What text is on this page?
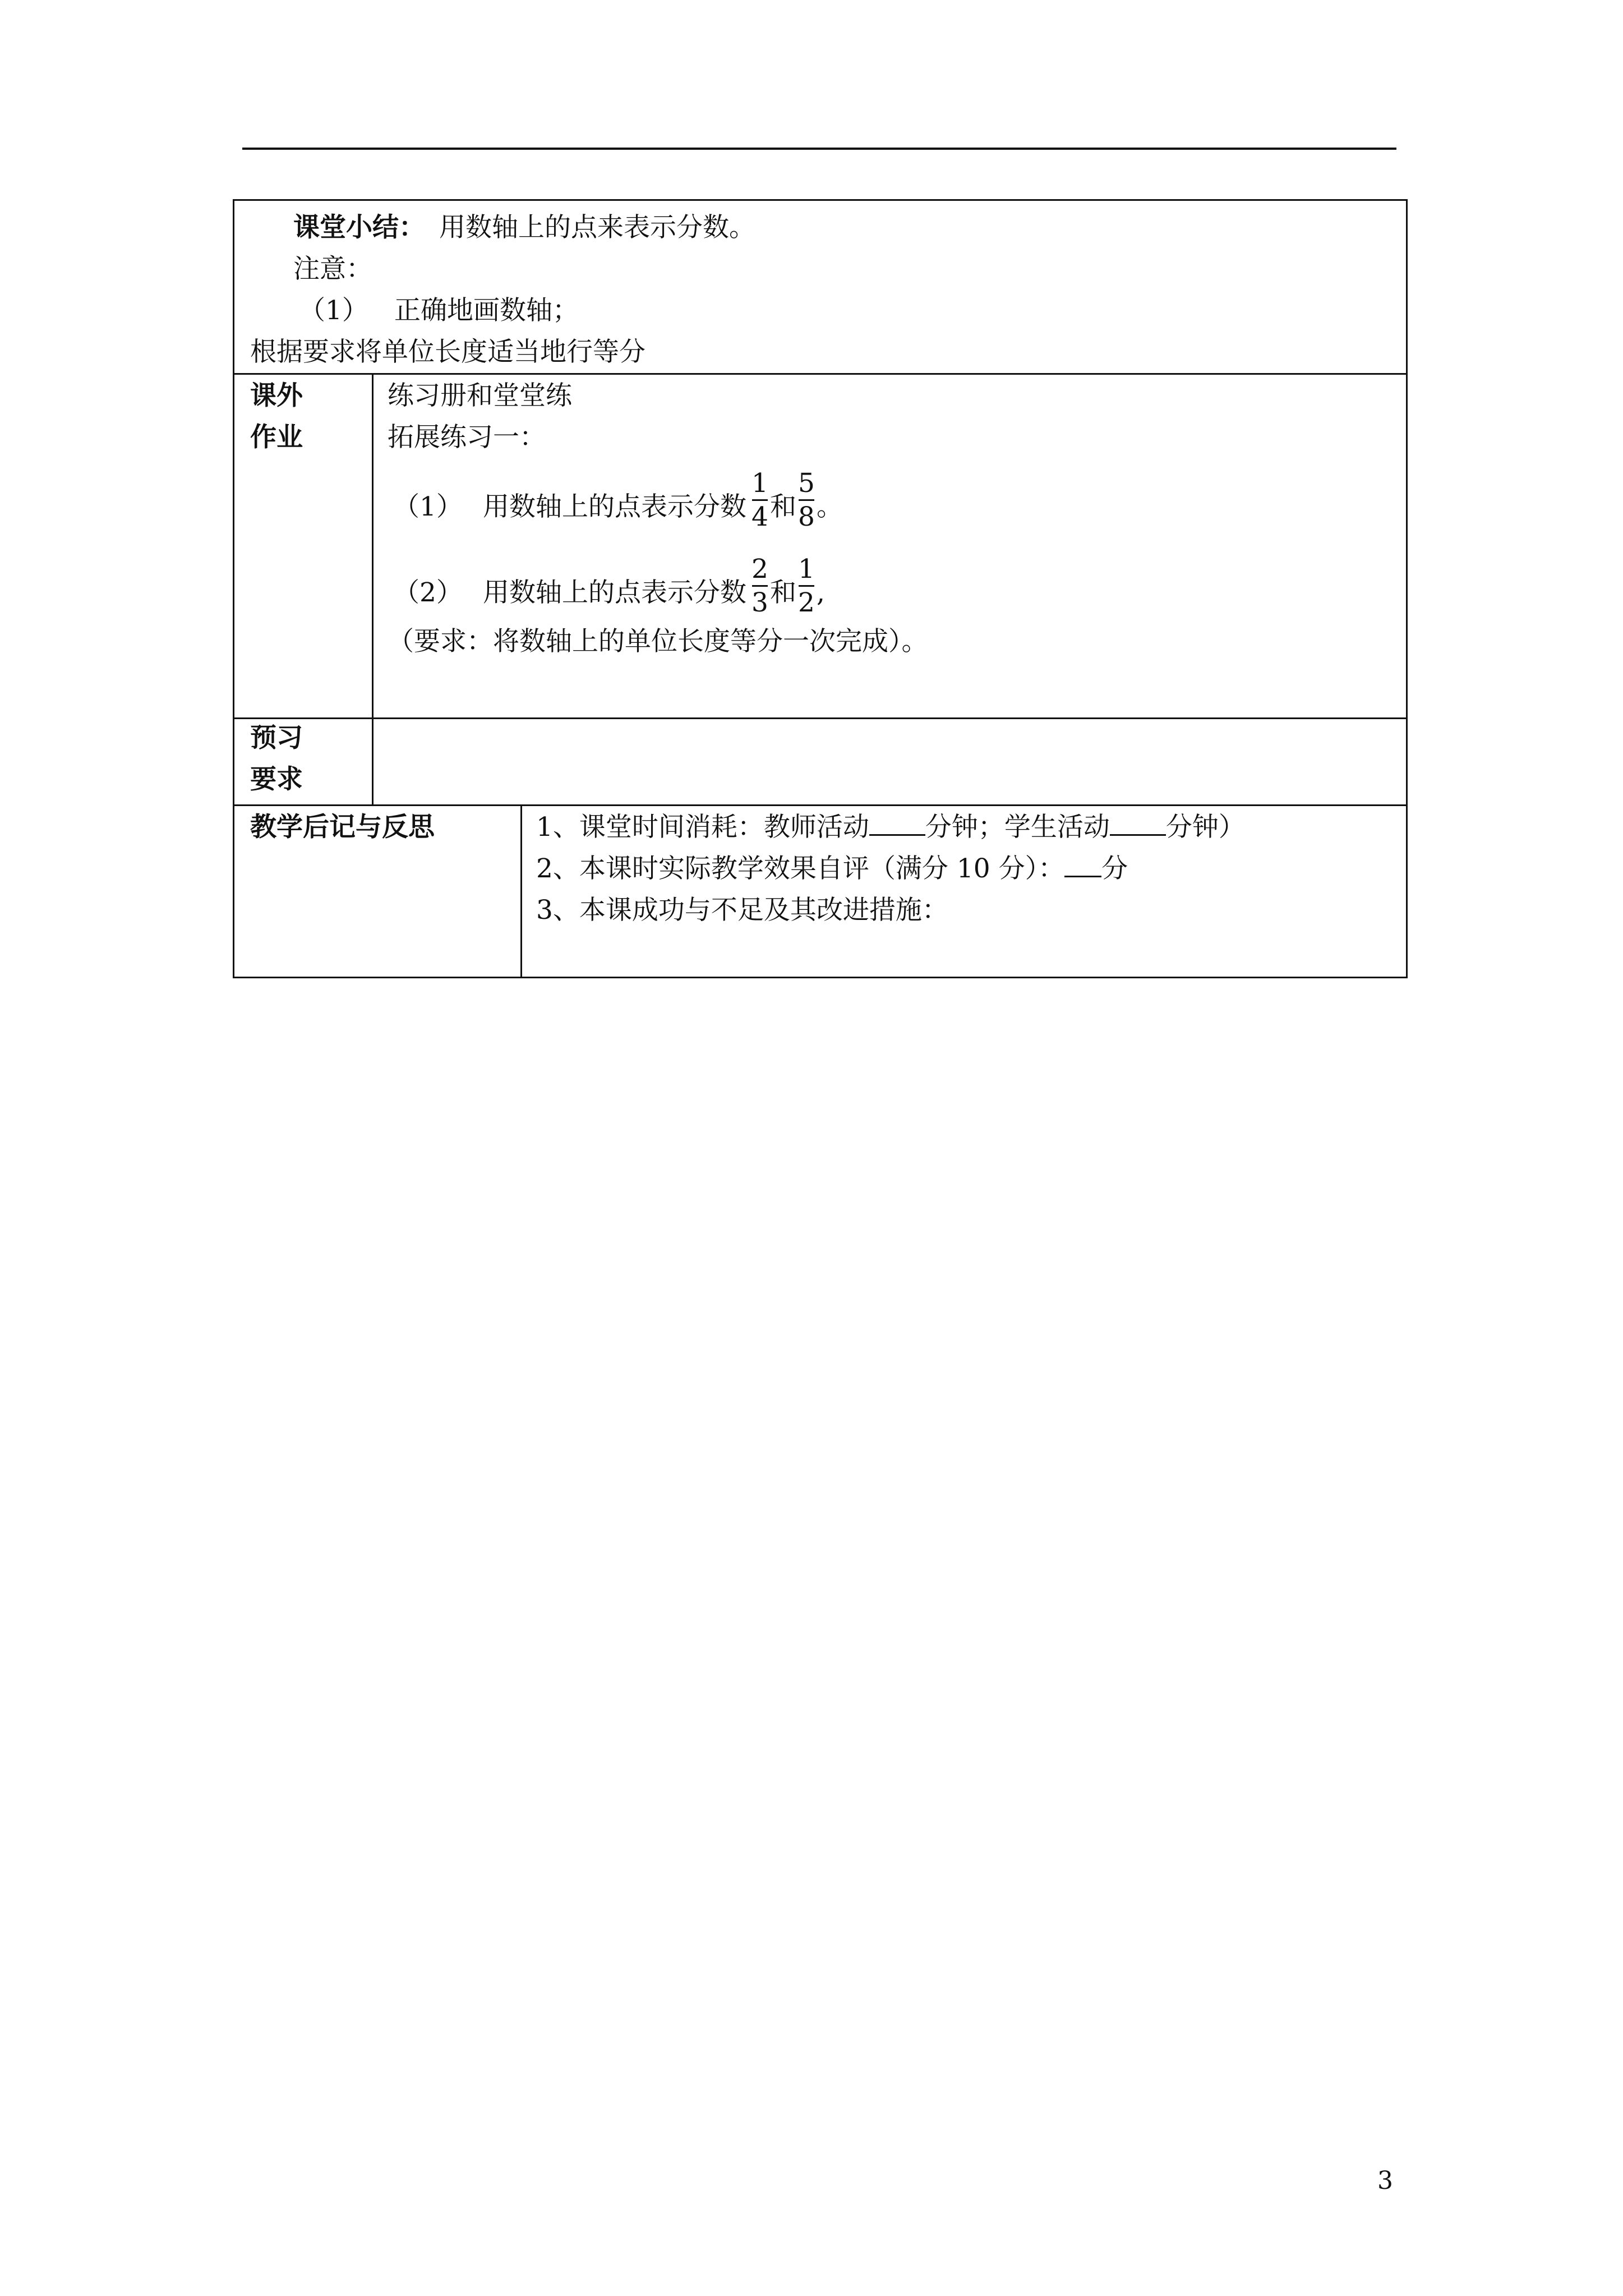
课堂小结： 用数轴上的点来表示分数。
注意：
（1） 正确地画数轴；
根据要求将单位长度适当地行等分
课外
作业
练习册和堂堂练
拓展练习一：
（1） 用数轴上的点表示分数
1
4 和
5
8 。
（2） 用数轴上的点表示分数
2
3 和
1
2 ,
（要求：将数轴上的单位长度等分一次完成）。
预习
要求
教学后记与反思	1、课堂时间消耗：教师活动 分钟；学生活动 分钟）
2、本课时实际教学效果自评（满分 10 分）： 分
3、本课成功与不足及其改进措施：
3
